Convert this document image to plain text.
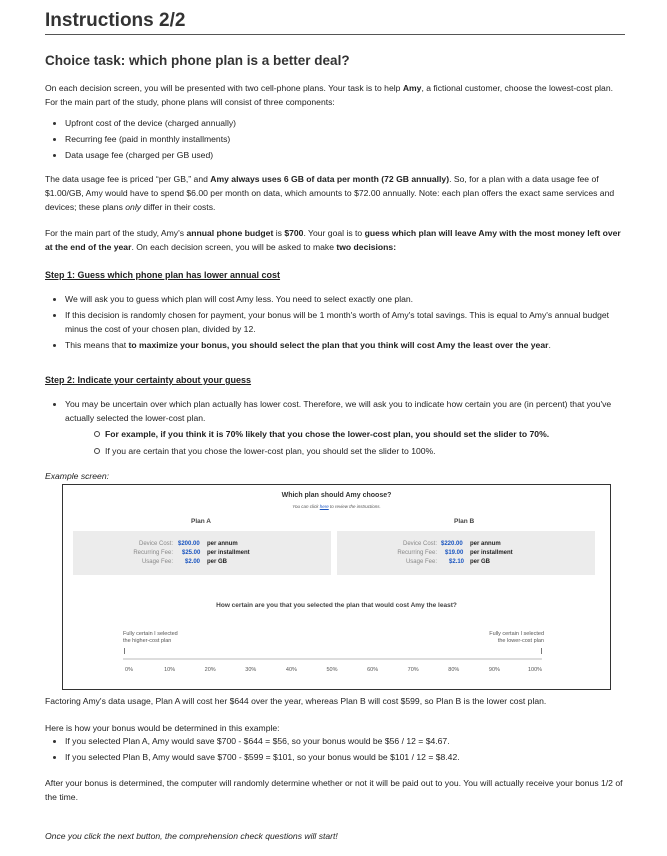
Instructions 2/2
Choice task: which phone plan is a better deal?
On each decision screen, you will be presented with two cell-phone plans. Your task is to help Amy, a fictional customer, choose the lowest-cost plan. For the main part of the study, phone plans will consist of three components:
Upfront cost of the device (charged annually)
Recurring fee (paid in monthly installments)
Data usage fee (charged per GB used)
The data usage fee is priced “per GB,” and Amy always uses 6 GB of data per month (72 GB annually). So, for a plan with a data usage fee of $1.00/GB, Amy would have to spend $6.00 per month on data, which amounts to $72.00 annually. Note: each plan offers the exact same services and devices; these plans only differ in their costs.
For the main part of the study, Amy's annual phone budget is $700. Your goal is to guess which plan will leave Amy with the most money left over at the end of the year. On each decision screen, you will be asked to make two decisions:
Step 1: Guess which phone plan has lower annual cost
We will ask you to guess which plan will cost Amy less. You need to select exactly one plan.
If this decision is randomly chosen for payment, your bonus will be 1 month's worth of Amy's total savings. This is equal to Amy's annual budget minus the cost of your chosen plan, divided by 12.
This means that to maximize your bonus, you should select the plan that you think will cost Amy the least over the year.
Step 2: Indicate your certainty about your guess
You may be uncertain over which plan actually has lower cost. Therefore, we will ask you to indicate how certain you are (in percent) that you've actually selected the lower-cost plan.
For example, if you think it is 70% likely that you chose the lower-cost plan, you should set the slider to 70%.
If you are certain that you chose the lower-cost plan, you should set the slider to 100%.
Example screen:
Which plan should Amy choose?
You can click here to review the instructions.
Plan A	Plan B
Device Cost: $200.00 per annum
Recurring Fee: $25.00 per installment
Usage Fee: $2.00 per GB
Device Cost: $220.00 per annum
Recurring Fee: $19.00 per installment
Usage Fee: $2.10 per GB
How certain are you that you selected the plan that would cost Amy the least?
Fully certain I selected
the higher-cost plan
Fully certain I selected
the lower-cost plan
0%	10%	20%	30%	40%	50%	60%	70%	80%	90%	100%
Factoring Amy's data usage, Plan A will cost her $644 over the year, whereas Plan B will cost $599, so Plan B is the lower cost plan.
Here is how your bonus would be determined in this example:
If you selected Plan A, Amy would save $700 - $644 = $56, so your bonus would be $56 / 12 = $4.67.
If you selected Plan B, Amy would save $700 - $599 = $101, so your bonus would be $101 / 12 = $8.42.
After your bonus is determined, the computer will randomly determine whether or not it will be paid out to you. You will actually receive your bonus 1/2 of the time.
Once you click the next button, the comprehension check questions will start!
